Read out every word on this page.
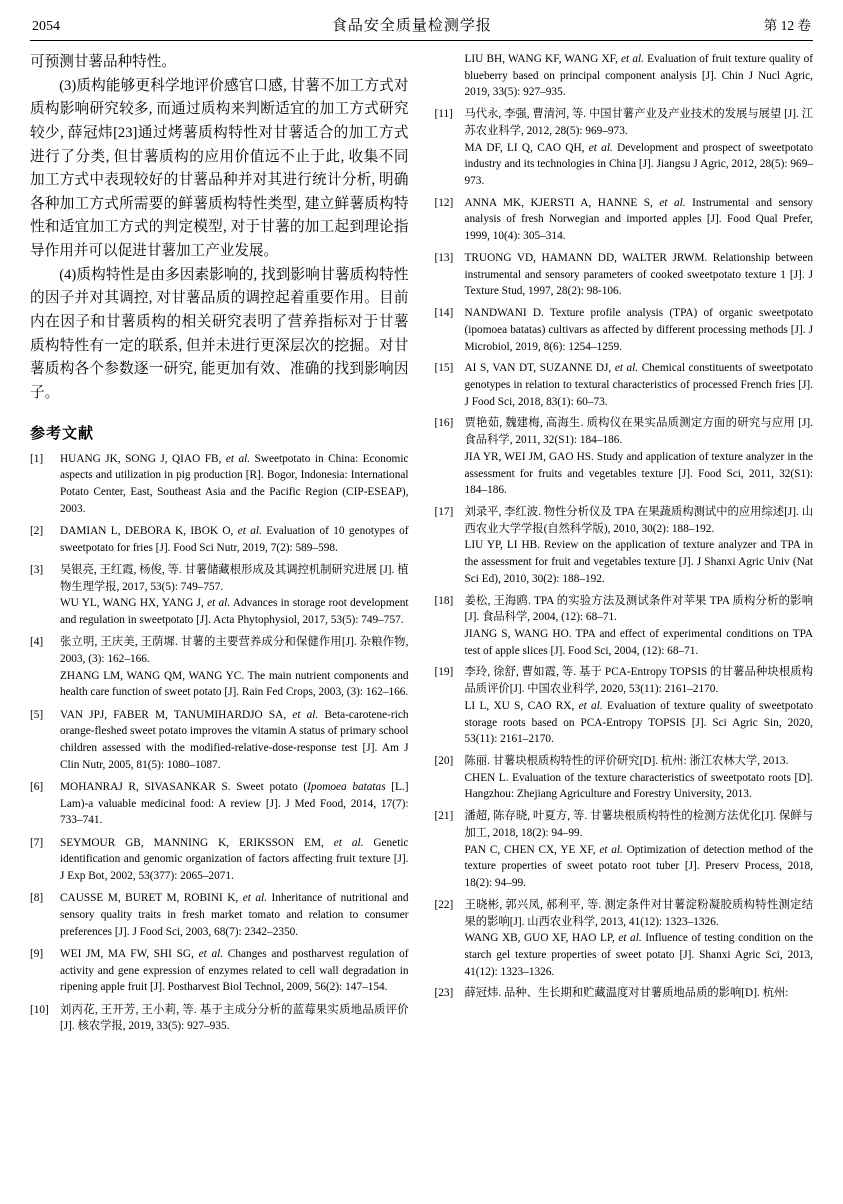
2054	食品安全质量检测学报	第 12 卷

可预测甘薯品种特性。

(3)质构能够更科学地评价感官口感, 甘薯不加工方式对质构影响研究较多, 而通过质构来判断适宜的加工方式研究较少, 薛冠炜[23]通过烤薯质构特性对甘薯适合的加工方式进行了分类, 但甘薯质构的应用价值远不止于此, 收集不同加工方式中表现较好的甘薯品种并对其进行统计分析, 明确各种加工方式所需要的鲜薯质构特性类型, 建立鲜薯质构特性和适宜加工方式的判定模型, 对于甘薯的加工起到理论指导作用并可以促进甘薯加工产业发展。

(4)质构特性是由多因素影响的, 找到影响甘薯质构特性的因子并对其调控, 对甘薯品质的调控起着重要作用。目前内在因子和甘薯质构的相关研究表明了营养指标对于甘薯质构特性有一定的联系, 但并未进行更深层次的挖掘。对甘薯质构各个参数逐一研究, 能更加有效、准确的找到影响因子。

参考文献
[1]	HUANG JK, SONG J, QIAO FB, et al. Sweetpotato in China: Economic aspects and utilization in pig production [R]. Bogor, Indonesia: International Potato Center, East, Southeast Asia and the Pacific Region (CIP-ESEAP), 2003.
[2]	DAMIAN L, DEBORA K, IBOK O, et al. Evaluation of 10 genotypes of sweetpotato for fries [J]. Food Sci Nutr, 2019, 7(2): 589–598.
[3]	吴银亮, 王红霞, 杨俊, 等. 甘薯储藏根形成及其调控机制研究进展 [J]. 植物生理学报, 2017, 53(5): 749–757.
WU YL, WANG HX, YANG J, et al. Advances in storage root development and regulation in sweetpotato [J]. Acta Phytophysiol, 2017, 53(5): 749–757.
[4]	张立明, 王庆美, 王荫墀. 甘薯的主要营养成分和保健作用[J]. 杂粮作物, 2003, (3): 162–166.
ZHANG LM, WANG QM, WANG YC. The main nutrient components and health care function of sweet potato [J]. Rain Fed Crops, 2003, (3): 162–166.
[5]	VAN JPJ, FABER M, TANUMIHARDJO SA, et al. Beta-carotene-rich orange-fleshed sweet potato improves the vitamin A status of primary school children assessed with the modified-relative-dose-response test [J]. Am J Clin Nutr, 2005, 81(5): 1080–1087.
[6]	MOHANRAJ R, SIVASANKAR S. Sweet potato (Ipomoea batatas [L.] Lam)-a valuable medicinal food: A review [J]. J Med Food, 2014, 17(7): 733–741.
[7]	SEYMOUR GB, MANNING K, ERIKSSON EM, et al. Genetic identification and genomic organization of factors affecting fruit texture [J]. J Exp Bot, 2002, 53(377): 2065–2071.
[8]	CAUSSE M, BURET M, ROBINI K, et al. Inheritance of nutritional and sensory quality traits in fresh market tomato and relation to consumer preferences [J]. J Food Sci, 2003, 68(7): 2342–2350.
[9]	WEI JM, MA FW, SHI SG, et al. Changes and postharvest regulation of activity and gene expression of enzymes related to cell wall degradation in ripening apple fruit [J]. Postharvest Biol Technol, 2009, 56(2): 147–154.
[10] 刘丙花, 王开芳, 王小莉, 等. 基于主成分分析的蓝莓果实质地品质评价[J]. 核农学报, 2019, 33(5): 927–935.
LIU BH, WANG KF, WANG XF, et al. Evaluation of fruit texture quality of blueberry based on principal component analysis [J]. Chin J Nucl Agric, 2019, 33(5): 927–935.
[11]	马代永, 李强, 曹清河, 等. 中国甘薯产业及产业技术的发展与展望 [J]. 江苏农业科学, 2012, 28(5): 969–973.
MA DF, LI Q, CAO QH, et al. Development and prospect of sweetpotato industry and its technologies in China [J]. Jiangsu J Agric, 2012, 28(5): 969–973.
[12] ANNA MK, KJERSTI A, HANNE S, et al. Instrumental and sensory analysis of fresh Norwegian and imported apples [J]. Food Qual Prefer, 1999, 10(4): 305–314.
[13] TRUONG VD, HAMANN DD, WALTER JRWM. Relationship between instrumental and sensory parameters of cooked sweetpotato texture 1 [J]. J Texture Stud, 1997, 28(2): 98-106.
[14] NANDWANI D. Texture profile analysis (TPA) of organic sweetpotato (ipomoea batatas) cultivars as affected by different processing methods [J]. J Microbiol, 2019, 8(6): 1254–1259.
[15] AI S, VAN DT, SUZANNE DJ, et al. Chemical constituents of sweetpotato genotypes in relation to textural characteristics of processed French fries [J]. J Food Sci, 2018, 83(1): 60–73.
[16] 贾艳茹, 魏建梅, 高海生. 质构仪在果实品质测定方面的研究与应用 [J]. 食品科学, 2011, 32(S1): 184–186.
JIA YR, WEI JM, GAO HS. Study and application of texture analyzer in the assessment for fruits and vegetables texture [J]. Food Sci, 2011, 32(S1): 184–186.
[17] 刘录平, 李红波. 物性分析仪及 TPA 在果蔬质构测试中的应用综述[J]. 山西农业大学学报(自然科学版), 2010, 30(2): 188–192.
LIU YP, LI HB. Review on the application of texture analyzer and TPA in the assessment for fruit and vegetables texture [J]. J Shanxi Agric Univ (Nat Sci Ed), 2010, 30(2): 188–192.
[18] 姜松, 王海鸥. TPA 的实验方法及测试条件对苹果 TPA 质构分析的影响 [J]. 食品科学, 2004, (12): 68–71.
JIANG S, WANG HO. TPA and effect of experimental conditions on TPA test of apple slices [J]. Food Sci, 2004, (12): 68–71.
[19] 李玲, 徐舒, 曹如霞, 等. 基于 PCA-Entropy TOPSIS 的甘薯品种块根质构品质评价[J]. 中国农业科学, 2020, 53(11): 2161–2170.
LI L, XU S, CAO RX, et al. Evaluation of texture quality of sweetpotato storage roots based on PCA-Entropy TOPSIS [J]. Sci Agric Sin, 2020, 53(11): 2161–2170.
[20] 陈丽. 甘薯块根质构特性的评价研究[D]. 杭州: 浙江农林大学, 2013.
CHEN L. Evaluation of the texture characteristics of sweetpotato roots [D]. Hangzhou: Zhejiang Agriculture and Forestry University, 2013.
[21] 潘超, 陈存晓, 叶夏方, 等. 甘薯块根质构特性的检测方法优化[J]. 保鲜与加工, 2018, 18(2): 94–99.
PAN C, CHEN CX, YE XF, et al. Optimization of detection method of the texture properties of sweet potato root tuber [J]. Preserv Process, 2018, 18(2): 94–99.
[22] 王晓彬, 郭兴凤, 郝利平, 等. 测定条件对甘薯淀粉凝胶质构特性测定结果的影响[J]. 山西农业科学, 2013, 41(12): 1323–1326.
WANG XB, GUO XF, HAO LP, et al. Influence of testing condition on the starch gel texture properties of sweet potato [J]. Shanxi Agric Sci, 2013, 41(12): 1323–1326.
[23] 薛冠炜. 品种、生长期和贮藏温度对甘薯质地品质的影响[D]. 杭州:
